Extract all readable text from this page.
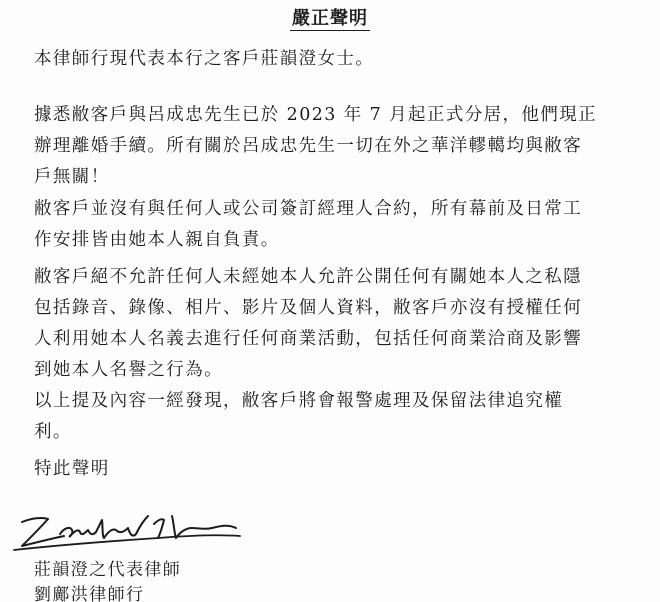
嚴正聲明
本律師行現代表本行之客戶莊韻澄女士。
據悉敝客戶與呂成忠先生已於 2023 年 7 月起正式分居，他們現正
辦理離婚手續。所有關於呂成忠先生一切在外之華洋轇轕均與敝客
戶無關！
敝客戶並沒有與任何人或公司簽訂經理人合約，所有幕前及日常工
作安排皆由她本人親自負責。
敝客戶絕不允許任何人未經她本人允許公開任何有關她本人之私隱
包括錄音、錄像、相片、影片及個人資料，敝客戶亦沒有授權任何
人利用她本人名義去進行任何商業活動，包括任何商業洽商及影響
到她本人名譽之行為。
以上提及內容一經發現，敝客戶將會報警處理及保留法律追究權
利。
特此聲明
莊韻澄之代表律師
劉鄺洪律師行
